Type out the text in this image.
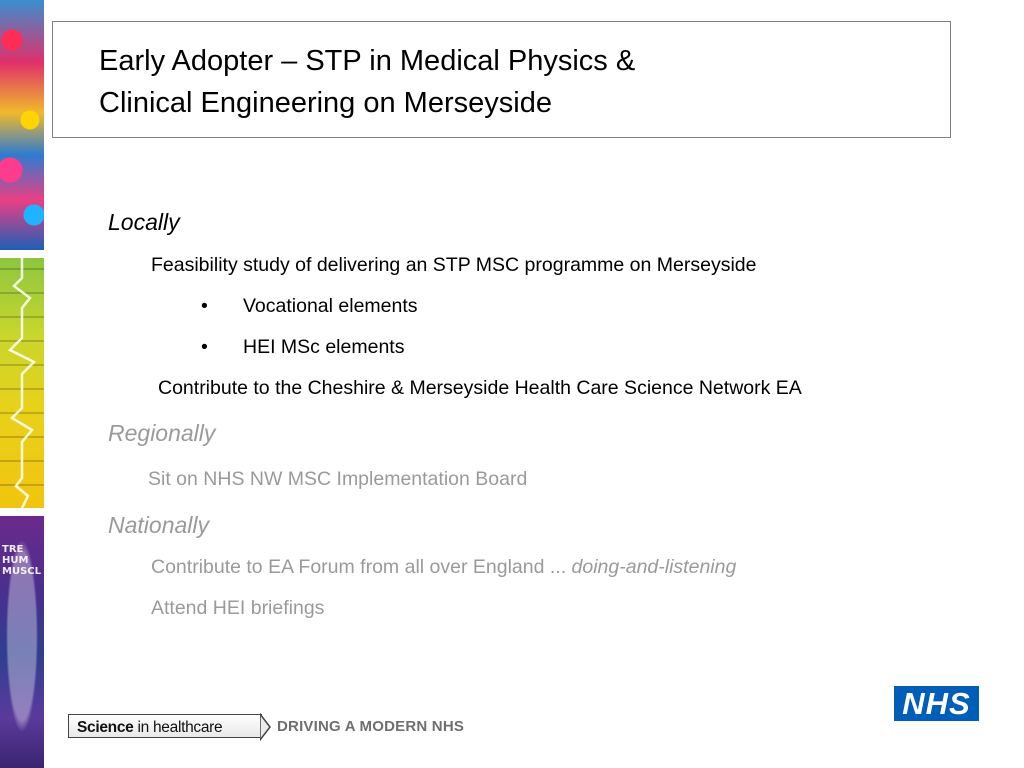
TRE HUM
MUSCL
Early Adopter – STP in Medical Physics &
Clinical Engineering on Merseyside

Locally

Feasibility study of delivering an STP MSC programme on Merseyside

• Vocational elements

• HEI MSc elements

Contribute to the Cheshire & Merseyside Health Care Science Network EA

Regionally

Sit on NHS NW MSC Implementation Board

Nationally

Contribute to EA Forum from all over England ... doing-and-listening

Attend HEI briefings

Science in healthcare	DRIVING A MODERN NHS
NHS
